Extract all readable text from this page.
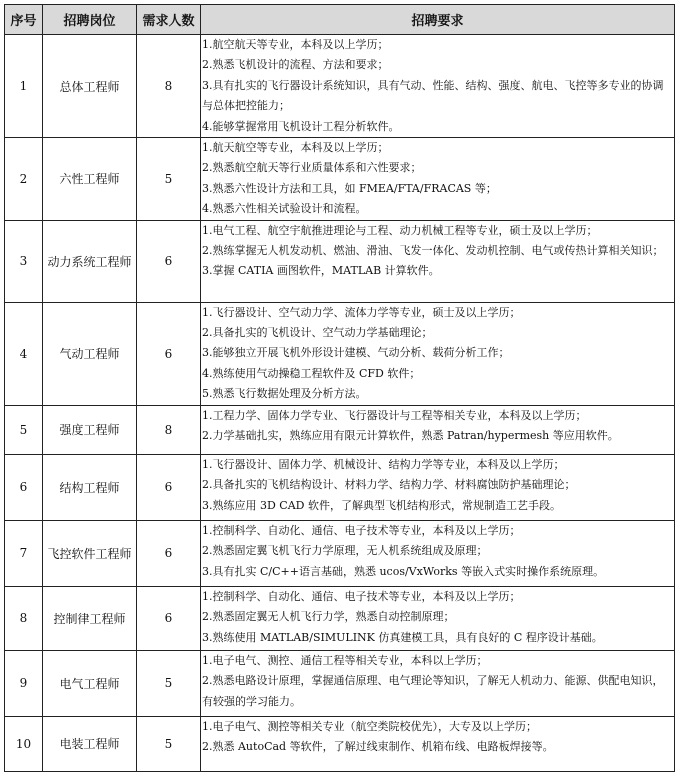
序号	招聘岗位	需求人数	招聘要求
1	总体工程师	8	1.航空航天等专业，本科及以上学历；
2.熟悉飞机设计的流程、方法和要求；
3.具有扎实的飞行器设计系统知识，具有气动、性能、结构、强度、航电、飞控等多专业的协调与总体把控能力；
4.能够掌握常用飞机设计工程分析软件。

2	六性工程师	5	1.航天航空等专业，本科及以上学历；
2.熟悉航空航天等行业质量体系和六性要求；
3.熟悉六性设计方法和工具，如 FMEA/FTA/FRACAS 等；
4.熟悉六性相关试验设计和流程。

3	动力系统工程师	6	1.电气工程、航空宇航推进理论与工程、动力机械工程等专业，硕士及以上学历；
2.熟练掌握无人机发动机、燃油、滑油、飞发一体化、发动机控制、电气或传热计算相关知识；
3.掌握 CATIA 画图软件，MATLAB 计算软件。

4	气动工程师	6	1.飞行器设计、空气动力学、流体力学等专业，硕士及以上学历；
2.具备扎实的飞机设计、空气动力学基础理论；
3.能够独立开展飞机外形设计建模、气动分析、载荷分析工作；
4.熟练使用气动操稳工程软件及 CFD 软件；
5.熟悉飞行数据处理及分析方法。

5	强度工程师	8	1.工程力学、固体力学专业、飞行器设计与工程等相关专业，本科及以上学历；
2.力学基础扎实，熟练应用有限元计算软件，熟悉 Patran/hypermesh 等应用软件。

6	结构工程师	6	1.飞行器设计、固体力学、机械设计、结构力学等专业，本科及以上学历；
2.具备扎实的飞机结构设计、材料力学、结构力学、材料腐蚀防护基础理论；
3.熟练应用 3D CAD 软件，了解典型飞机结构形式，常规制造工艺手段。

7	飞控软件工程师	6	1.控制科学、自动化、通信、电子技术等专业，本科及以上学历；
2.熟悉固定翼飞机飞行力学原理，无人机系统组成及原理；
3.具有扎实 C/C++语言基础，熟悉 ucos/VxWorks 等嵌入式实时操作系统原理。

8	控制律工程师	6	1.控制科学、自动化、通信、电子技术等专业，本科及以上学历；
2.熟悉固定翼无人机飞行力学，熟悉自动控制原理；
3.熟练使用 MATLAB/SIMULINK 仿真建模工具，具有良好的 C 程序设计基础。

9	电气工程师	5	1.电子电气、测控、通信工程等相关专业，本科以上学历；
2.熟悉电路设计原理，掌握通信原理、电气理论等知识，了解无人机动力、能源、供配电知识，有较强的学习能力。

10	电装工程师	5	1.电子电气、测控等相关专业（航空类院校优先），大专及以上学历；
2.熟悉 AutoCad 等软件，了解过线束制作、机箱布线、电路板焊接等。
